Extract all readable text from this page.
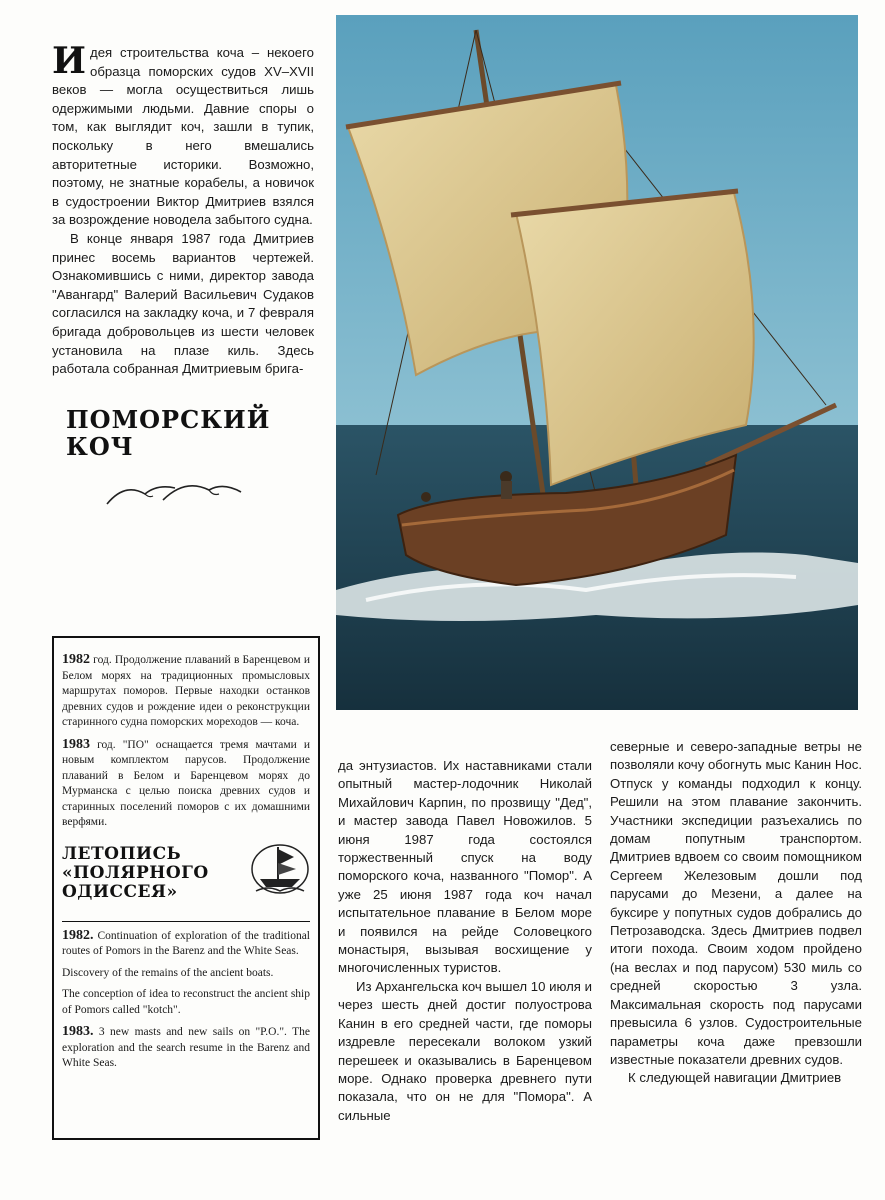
Идея строительства коча – некоего образца поморских судов XV–XVII веков — могла осуществиться лишь одержимыми людьми. Давние споры о том, как выглядит коч, зашли в тупик, поскольку в него вмешались авторитетные историки. Возможно, поэтому, не знатные корабелы, а новичок в судостроении Виктор Дмитриев взялся за возрождение новодела забытого судна.

В конце января 1987 года Дмитриев принес восемь вариантов чертежей. Ознакомившись с ними, директор завода "Авангард" Валерий Васильевич Судаков согласился на закладку коча, и 7 февраля бригада добровольцев из шести человек установила на плазе киль. Здесь работала собранная Дмитриевым брига-

ПОМОРСКИЙ
КОЧ

1982 год. Продолжение плаваний в Баренцевом и Белом морях на традиционных промысловых маршрутах поморов. Первые находки останков древних судов и рождение идеи о реконструкции старинного судна поморских мореходов — коча.

1983 год. "ПО" оснащается тремя мачтами и новым комплектом парусов. Продолжение плаваний в Белом и Баренцевом морях до Мурманска с целью поиска древних судов и старинных поселений поморов с их домашними верфями.

ЛЕТОПИСЬ
«ПОЛЯРНОГО
ОДИССЕЯ»

1982. Continuation of exploration of the traditional routes of Pomors in the Barenz and the White Seas.

Discovery of the remains of the ancient boats.

The conception of idea to reconstruct the ancient ship of Pomors called "kotch".

1983. 3 new masts and new sails on "P.O.". The exploration and the search resume in the Barenz and White Seas.

да энтузиастов. Их наставниками стали опытный мастер-лодочник Николай Михайлович Карпин, по прозвищу "Дед", и мастер завода Павел Новожилов. 5 июня 1987 года состоялся торжественный спуск на воду поморского коча, названного "Помор". А уже 25 июня 1987 года коч начал испытательное плавание в Белом море и появился на рейде Соловецкого монастыря, вызывая восхищение у многочисленных туристов.

Из Архангельска коч вышел 10 июля и через шесть дней достиг полуострова Канин в его средней части, где поморы издревле пересекали волоком узкий перешеек и оказывались в Баренцевом море. Однако проверка древнего пути показала, что он не для "Помора". А сильные

северные и северо-западные ветры не позволяли кочу обогнуть мыс Канин Нос. Отпуск у команды подходил к концу. Решили на этом плавание закончить. Участники экспедиции разъехались по домам попутным транспортом. Дмитриев вдвоем со своим помощником Сергеем Железовым дошли под парусами до Мезени, а далее на буксире у попутных судов добрались до Петрозаводска. Здесь Дмитриев подвел итоги похода. Своим ходом пройдено (на веслах и под парусом) 530 миль со средней скоростью 3 узла. Максимальная скорость под парусами превысила 6 узлов. Судостроительные параметры коча даже превзошли известные показатели древних судов.

К следующей навигации Дмитриев
